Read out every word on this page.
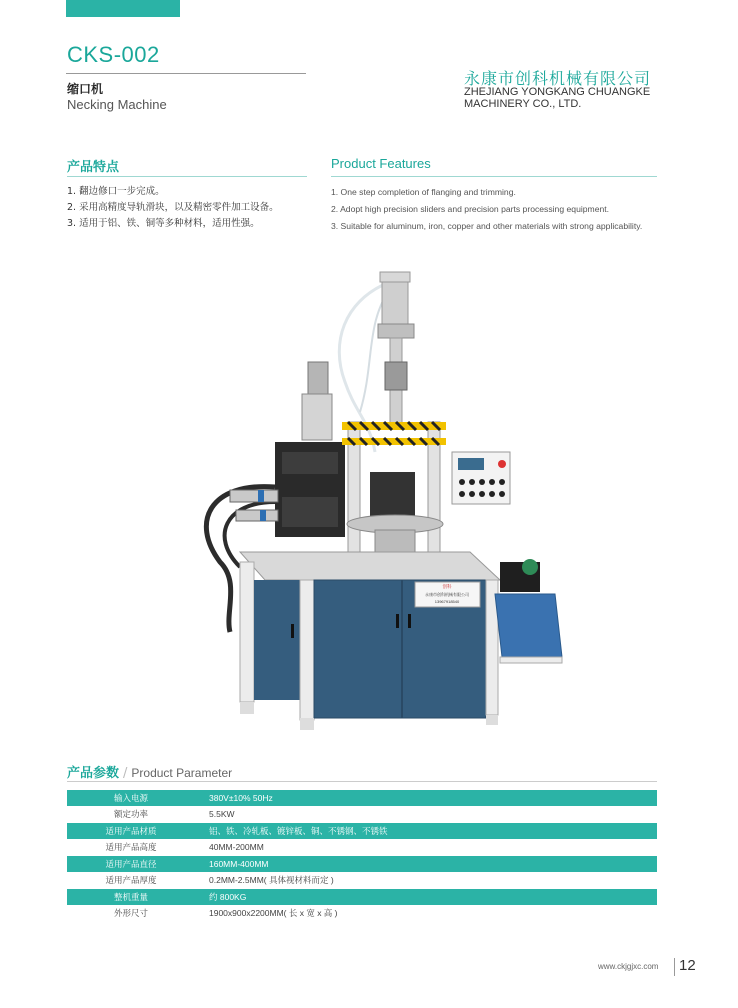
CKS-002
缩口机
Necking Machine
永康市创科机械有限公司
ZHEJIANG YONGKANG CHUANGKE
MACHINERY CO., LTD.
产品特点	Product Features
1. 翻边修口一步完成。
2. 采用高精度导轨滑块，以及精密零件加工设备。
3. 适用于铝、铁、铜等多种材料，适用性强。
1. One step completion of flanging and trimming.
2. Adopt high precision sliders and precision parts processing equipment.
3. Suitable for aluminum, iron, copper and other materials with strong applicability.
创科
永康市创科机械有限公司
13967918540
产品参数 / Product Parameter
输入电源	380V±10% 50Hz
额定功率	5.5KW
适用产品材质	铝、铁、冷轧板、镀锌板、铜、不锈钢、不锈铁
适用产品高度	40MM-200MM
适用产品直径	160MM-400MM
适用产品厚度	0.2MM-2.5MM( 具体视材料而定 )
整机重量	约 800KG
外形尺寸	1900x900x2200MM( 长 x 宽 x 高 )
www.ckjgjxc.com 12
